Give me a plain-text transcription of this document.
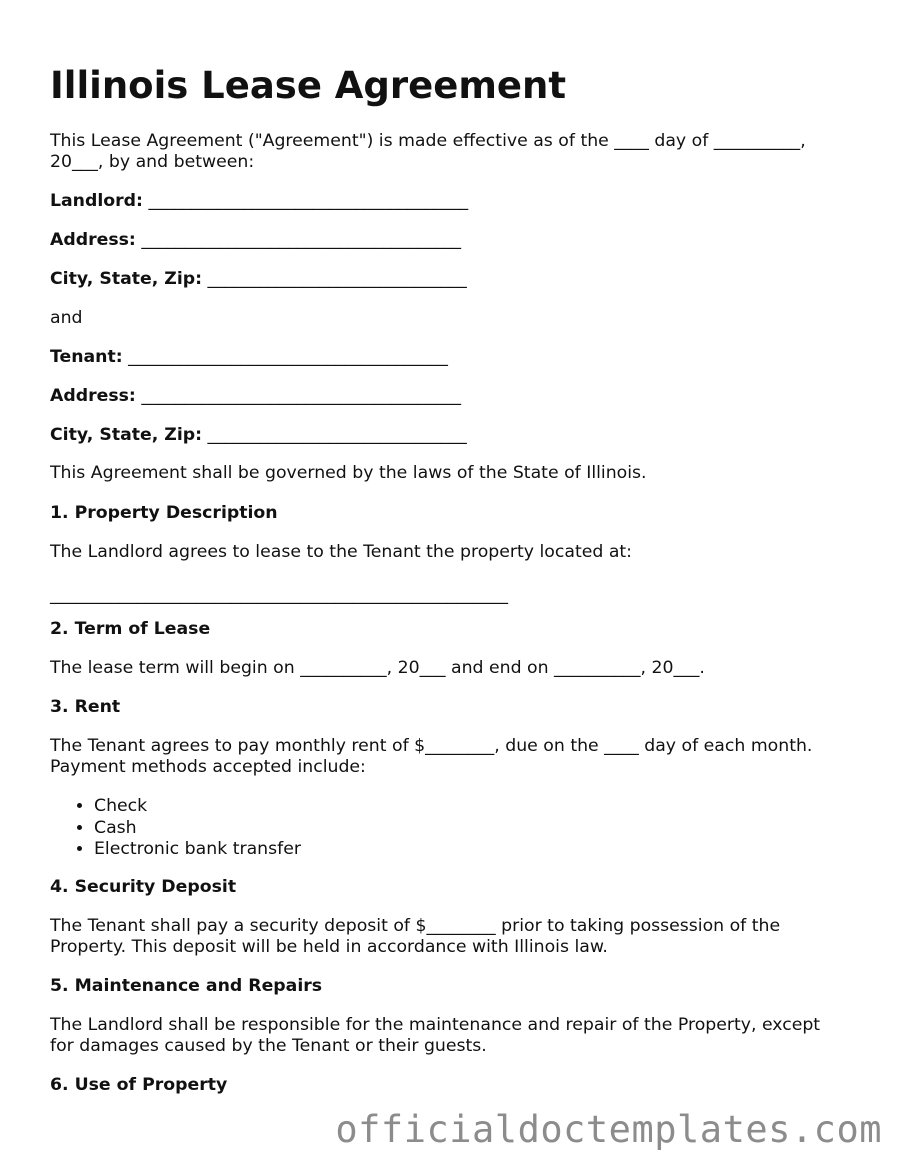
Illinois Lease Agreement

This Lease Agreement ("Agreement") is made effective as of the ____ day of __________,

20___, by and between:

Landlord: _____________________________________

Address: _____________________________________

City, State, Zip: ______________________________

and

Tenant: _____________________________________

Address: _____________________________________

City, State, Zip: ______________________________

This Agreement shall be governed by the laws of the State of Illinois.

1. Property Description

The Landlord agrees to lease to the Tenant the property located at:

_____________________________________________________

2. Term of Lease

The lease term will begin on __________, 20___ and end on __________, 20___.

3. Rent

The Tenant agrees to pay monthly rent of $________, due on the ____ day of each month.

Payment methods accepted include:

• Check
• Cash
• Electronic bank transfer

4. Security Deposit

The Tenant shall pay a security deposit of $________ prior to taking possession of the

Property. This deposit will be held in accordance with Illinois law.

5. Maintenance and Repairs

The Landlord shall be responsible for the maintenance and repair of the Property, except

for damages caused by the Tenant or their guests.

6. Use of Property

officialdoctemplates.com
